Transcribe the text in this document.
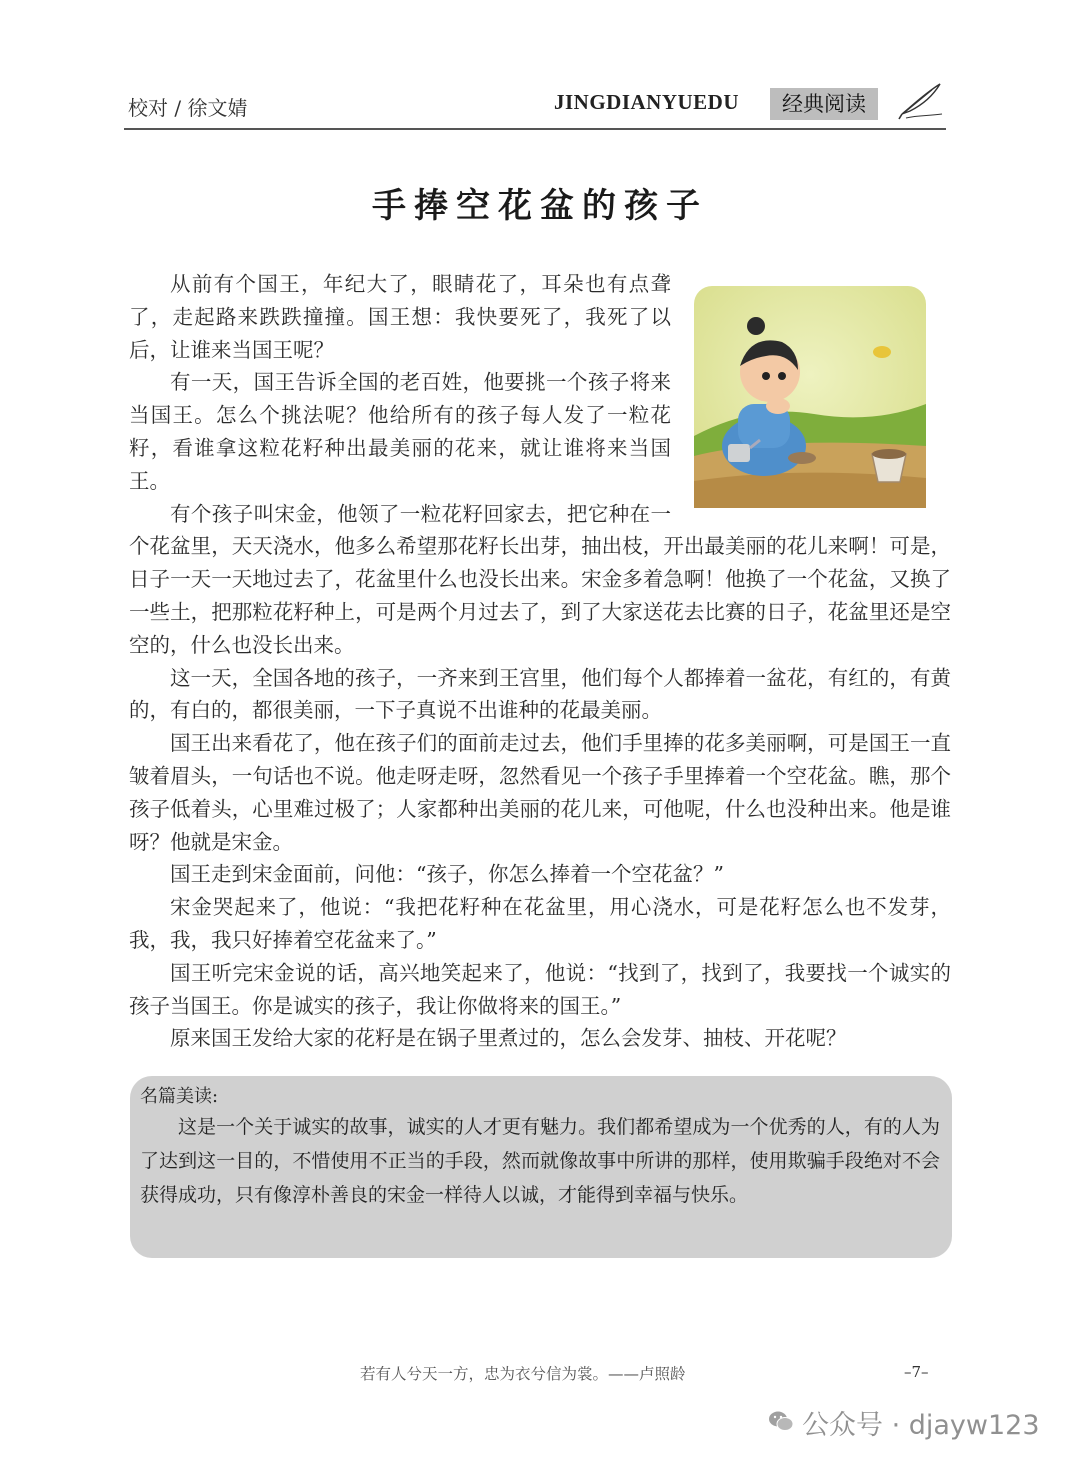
校对 / 徐文婧	JINGDIANYUEDU	经典阅读
手捧空花盆的孩子

从前有个国王，年纪大了，眼睛花了，耳朵也有点聋了，走起路来跌跌撞撞。国王想：我快要死了，我死了以后，让谁来当国王呢？

有一天，国王告诉全国的老百姓，他要挑一个孩子将来当国王。怎么个挑法呢？他给所有的孩子每人发了一粒花籽，看谁拿这粒花籽种出最美丽的花来，就让谁将来当国王。

有个孩子叫宋金，他领了一粒花籽回家去，把它种在一个花盆里，天天浇水，他多么希望那花籽长出芽，抽出枝，开出最美丽的花儿来啊！可是，日子一天一天地过去了，花盆里什么也没长出来。宋金多着急啊！他换了一个花盆，又换了一些土，把那粒花籽种上，可是两个月过去了，到了大家送花去比赛的日子，花盆里还是空空的，什么也没长出来。

这一天，全国各地的孩子，一齐来到王宫里，他们每个人都捧着一盆花，有红的，有黄的，有白的，都很美丽，一下子真说不出谁种的花最美丽。

国王出来看花了，他在孩子们的面前走过去，他们手里捧的花多美丽啊，可是国王一直皱着眉头，一句话也不说。他走呀走呀，忽然看见一个孩子手里捧着一个空花盆。瞧，那个孩子低着头，心里难过极了；人家都种出美丽的花儿来，可他呢，什么也没种出来。他是谁呀？他就是宋金。

国王走到宋金面前，问他：“孩子，你怎么捧着一个空花盆？”

宋金哭起来了，他说：“我把花籽种在花盆里，用心浇水，可是花籽怎么也不发芽，我，我，我只好捧着空花盆来了。”

国王听完宋金说的话，高兴地笑起来了，他说：“找到了，找到了，我要找一个诚实的孩子当国王。你是诚实的孩子，我让你做将来的国王。”

原来国王发给大家的花籽是在锅子里煮过的，怎么会发芽、抽枝、开花呢？

名篇美读:

这是一个关于诚实的故事，诚实的人才更有魅力。我们都希望成为一个优秀的人，有的人为了达到这一目的，不惜使用不正当的手段，然而就像故事中所讲的那样，使用欺骗手段绝对不会获得成功，只有像淳朴善良的宋金一样待人以诚，才能得到幸福与快乐。

若有人兮天一方，忠为衣兮信为裳。——卢照龄	–7–
公众号 · djayw123
